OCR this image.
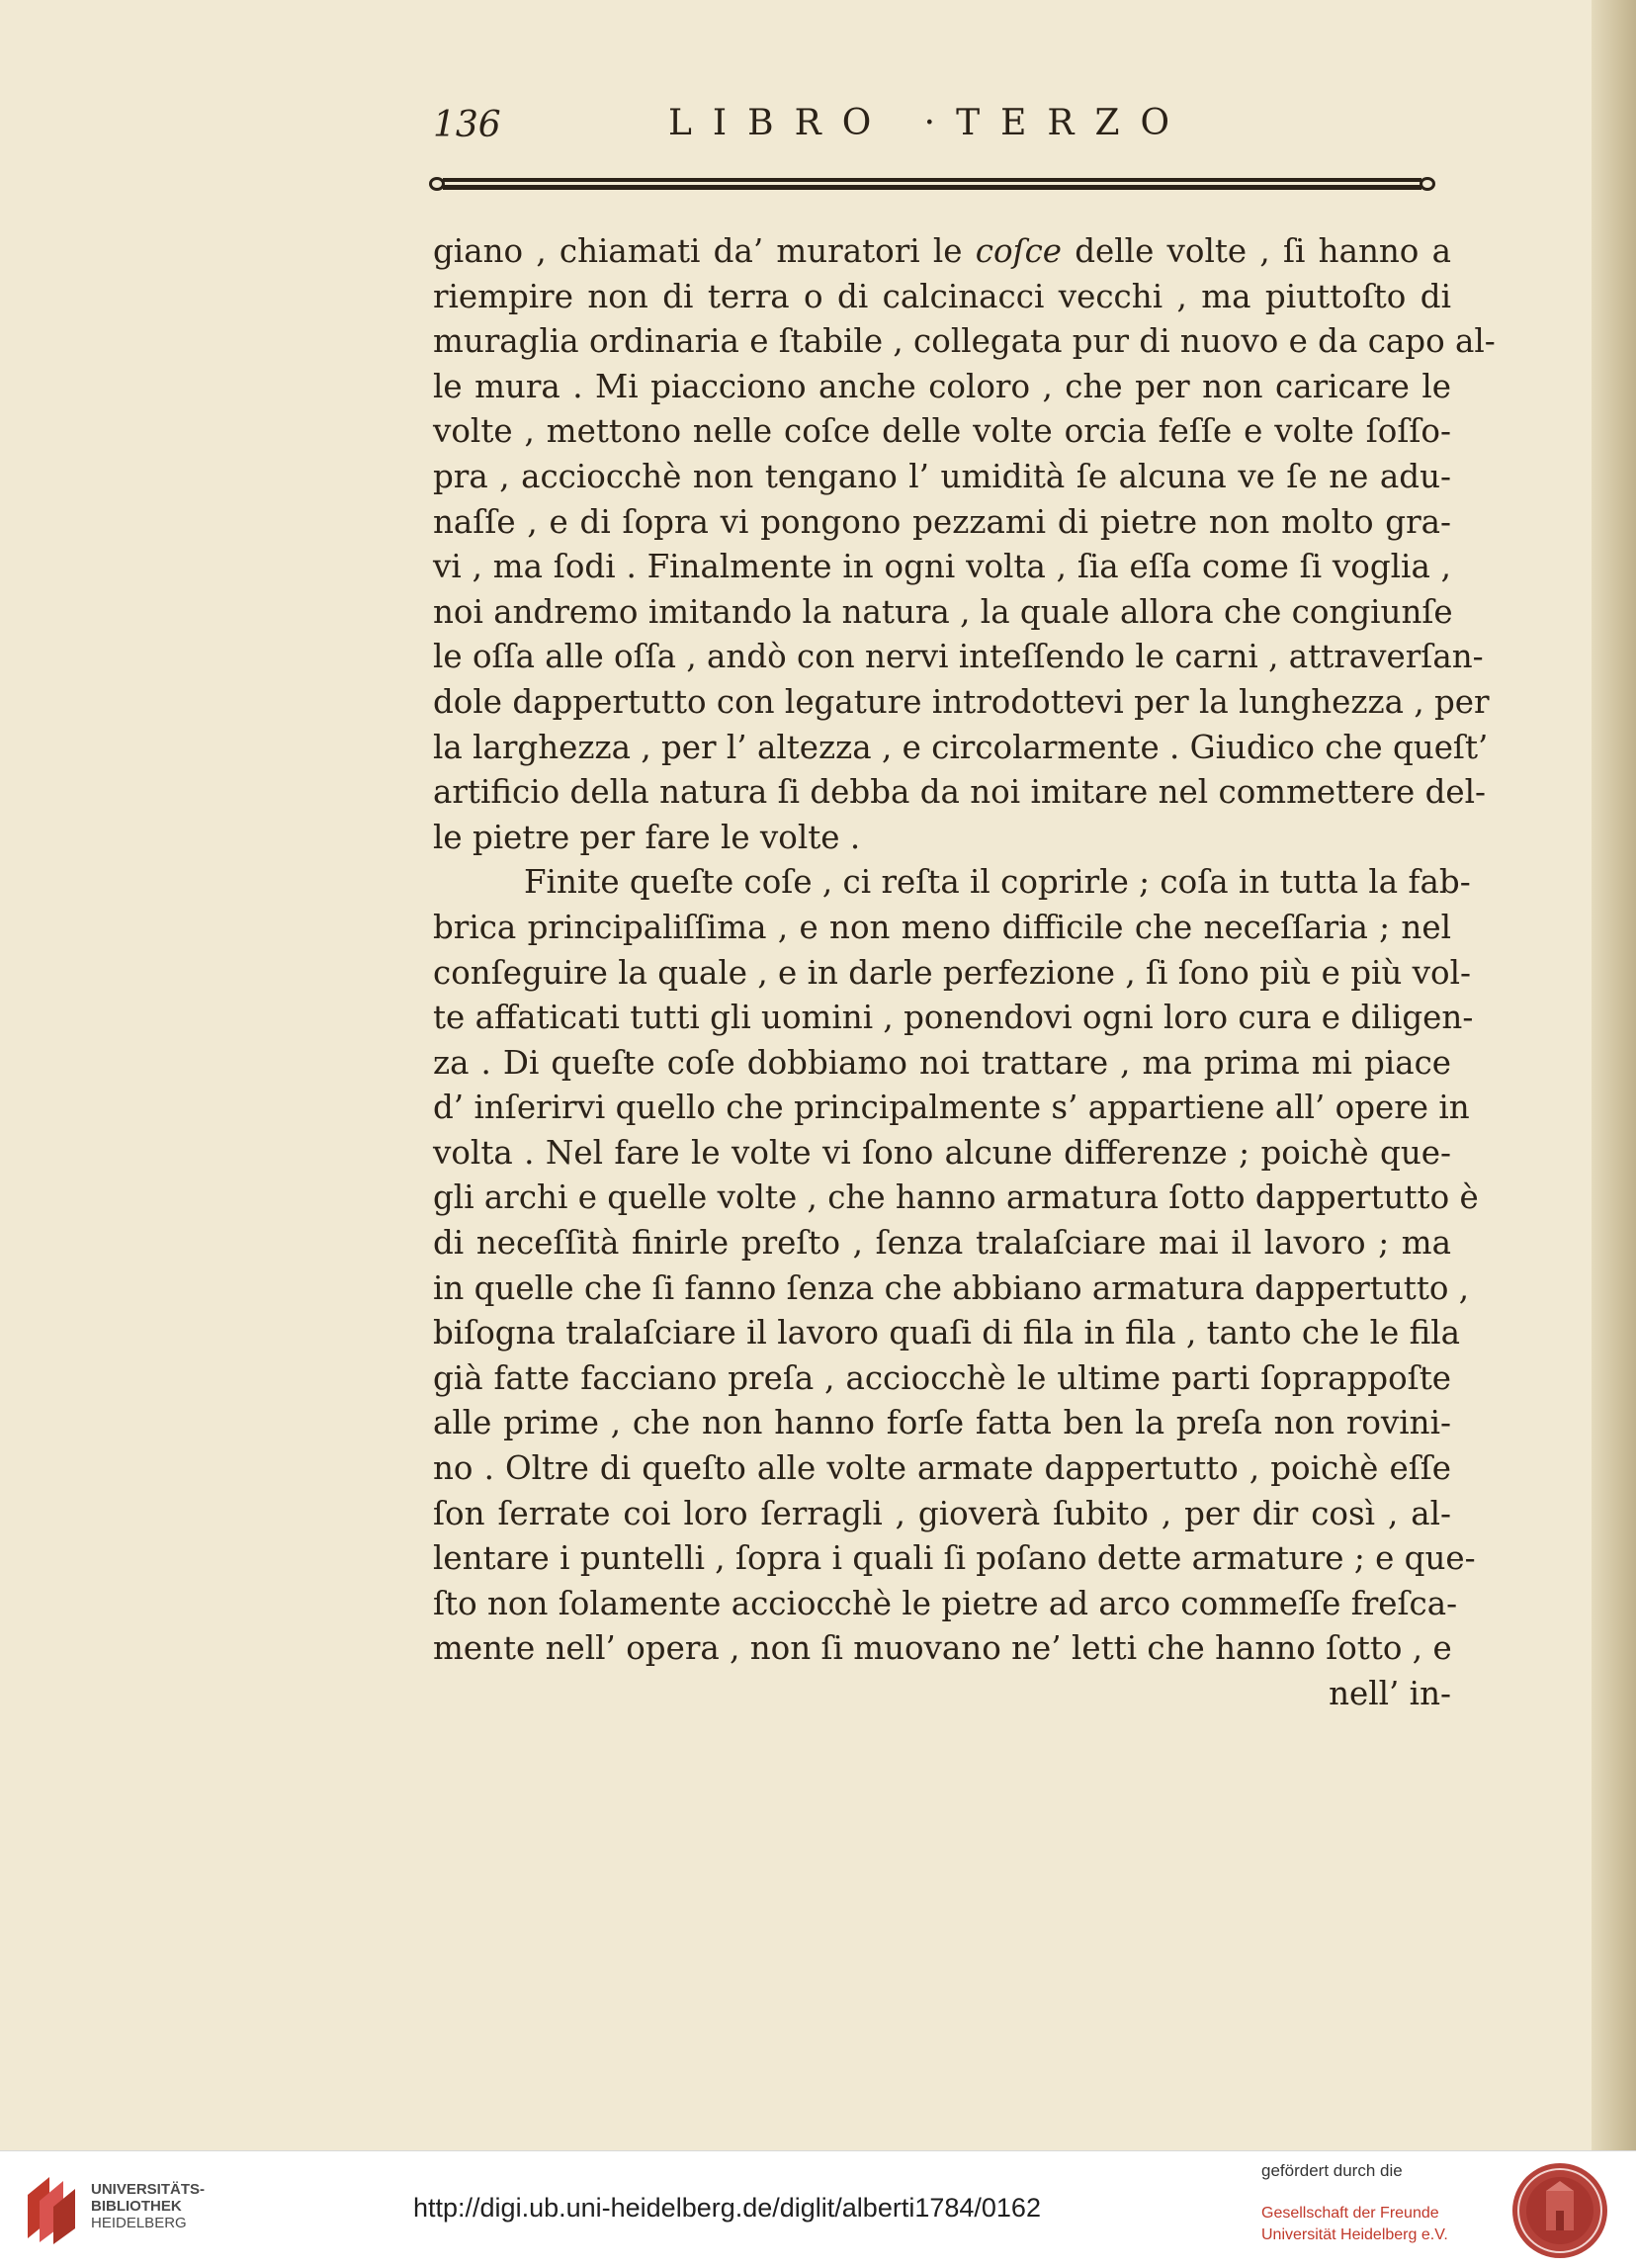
136	LIBRO ·TERZO
giano , chiamati da’ muratori le coſce delle volte , ſi hanno a
riempire non di terra o di calcinacci vecchi , ma piuttoſto di
muraglia ordinaria e ſtabile , collegata pur di nuovo e da capo al-
le mura . Mi piacciono anche coloro , che per non caricare le
volte , mettono nelle coſce delle volte orcia feſſe e volte ſoſſo-
pra , acciocchè non tengano l’ umidità ſe alcuna ve ſe ne adu-
naſſe , e di ſopra vi pongono pezzami di pietre non molto gra-
vi , ma ſodi . Finalmente in ogni volta , ſia eſſa come ſi voglia ,
noi andremo imitando la natura , la quale allora che congiunſe
le oſſa alle oſſa , andò con nervi inteſſendo le carni , attraverſan-
dole dappertutto con legature introdottevi per la lunghezza , per
la larghezza , per l’ altezza , e circolarmente . Giudico che queſt’
artificio della natura ſi debba da noi imitare nel commettere del-
le pietre per fare le volte .
Finite queſte coſe , ci reſta il coprirle ; coſa in tutta la fab-
brica principaliſſima , e non meno difficile che neceſſaria ; nel
conſeguire la quale , e in darle perfezione , ſi ſono più e più vol-
te affaticati tutti gli uomini , ponendovi ogni loro cura e diligen-
za . Di queſte coſe dobbiamo noi trattare , ma prima mi piace
d’ inſerirvi quello che principalmente s’ appartiene all’ opere in
volta . Nel fare le volte vi ſono alcune differenze ; poichè que-
gli archi e quelle volte , che hanno armatura ſotto dappertutto è
di neceſſità finirle preſto , ſenza tralaſciare mai il lavoro ; ma
in quelle che ſi fanno ſenza che abbiano armatura dappertutto ,
biſogna tralaſciare il lavoro quaſi di fila in fila , tanto che le fila
già fatte facciano preſa , acciocchè le ultime parti ſoprappoſte
alle prime , che non hanno forſe fatta ben la preſa non rovini-
no . Oltre di queſto alle volte armate dappertutto , poichè eſſe
ſon ſerrate coi loro ſerragli , gioverà ſubito , per dir così , al-
lentare i puntelli , ſopra i quali ſi poſano dette armature ; e que-
ſto non ſolamente acciocchè le pietre ad arco commeſſe freſca-
mente nell’ opera , non ſi muovano ne’ letti che hanno ſotto , e
nell’ in-
UNIVERSITÄTS-
BIBLIOTHEK
HEIDELBERG
http://digi.ub.uni-heidelberg.de/diglit/alberti1784/0162
gefördert durch die
Gesellschaft der Freunde
Universität Heidelberg e.V.
